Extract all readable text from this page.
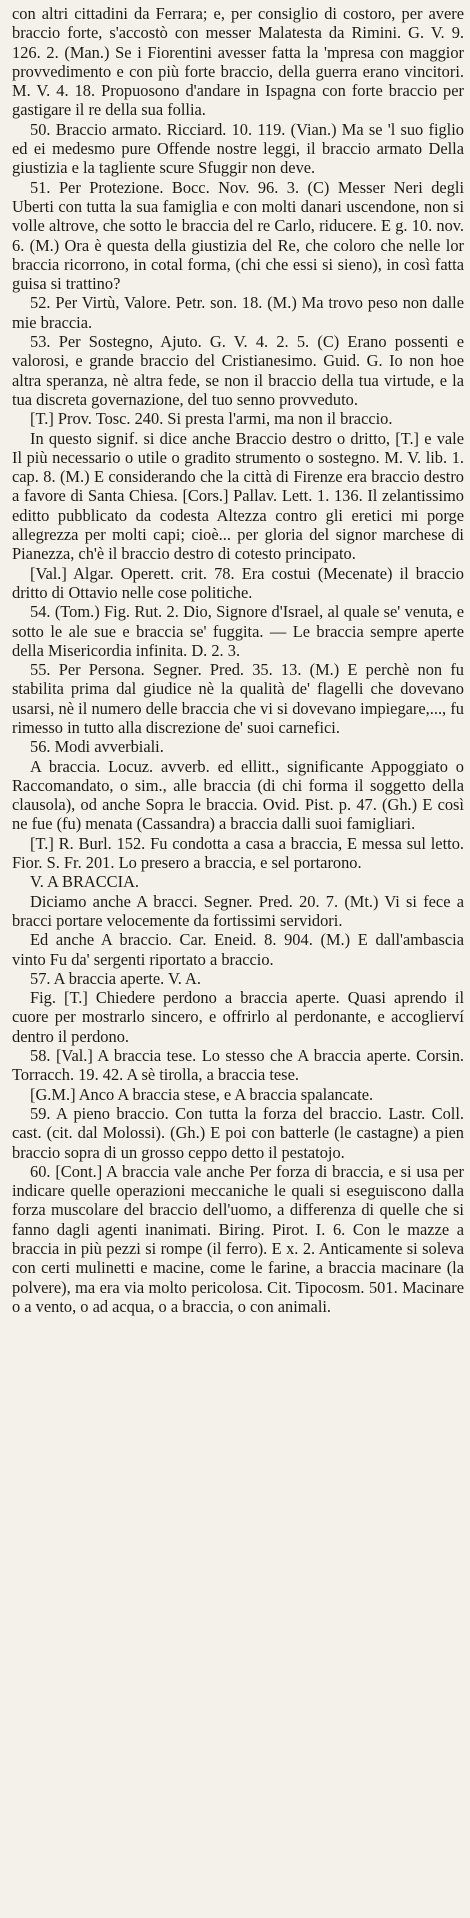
con altri cittadini da Ferrara; e, per consiglio di costoro, per avere braccio forte, s'accostò con messer Malatesta da Rimini. G. V. 9. 126. 2. (Man.) Se i Fiorentini avesser fatta la 'mpresa con maggior provvedimento e con più forte braccio, della guerra erano vincitori. M. V. 4. 18. Propuosono d'andare in Ispagna con forte braccio per gastigare il re della sua follia.

50. Braccio armato. Ricciard. 10. 119. (Vian.) Ma se 'l suo figlio ed ei medesmo pure Offende nostre leggi, il braccio armato Della giustizia e la tagliente scure Sfuggir non deve.

51. Per Protezione. Bocc. Nov. 96. 3. (C) Messer Neri degli Uberti con tutta la sua famiglia e con molti danari uscendone, non si volle altrove, che sotto le braccia del re Carlo, riducere. E g. 10. nov. 6. (M.) Ora è questa della giustizia del Re, che coloro che nelle lor braccia ricorrono, in cotal forma, (chi che essi si sieno), in così fatta guisa si trattino?

52. Per Virtù, Valore. Petr. son. 18. (M.) Ma trovo peso non dalle mie braccia.

53. Per Sostegno, Ajuto. G. V. 4. 2. 5. (C) Erano possenti e valorosi, e grande braccio del Cristianesimo. Guid. G. Io non hoe altra speranza, nè altra fede, se non il braccio della tua virtude, e la tua discreta governazione, del tuo senno provveduto.

[T.] Prov. Tosc. 240. Si presta l'armi, ma non il braccio.

In questo signif. si dice anche Braccio destro o dritto, [T.] e vale Il più necessario o utile o gradito strumento o sostegno. M. V. lib. 1. cap. 8. (M.) E considerando che la città di Firenze era braccio destro a favore di Santa Chiesa. [Cors.] Pallav. Lett. 1. 136. Il zelantissimo editto pubblicato da codesta Altezza contro gli eretici mi porge allegrezza per molti capi; cioè... per gloria del signor marchese di Pianezza, ch'è il braccio destro di cotesto principato.

[Val.] Algar. Operett. crit. 78. Era costui (Mecenate) il braccio dritto di Ottavio nelle cose politiche.

54. (Tom.) Fig. Rut. 2. Dio, Signore d'Israel, al quale se' venuta, e sotto le ale sue e braccia se' fuggita. — Le braccia sempre aperte della Misericordia infinita. D. 2. 3.

55. Per Persona. Segner. Pred. 35. 13. (M.) E perchè non fu stabilita prima dal giudice nè la qualità de' flagelli che dovevano usarsi, nè il numero delle braccia che vi si dovevano impiegare,..., fu rimesso in tutto alla discrezione de' suoi carnefici.

56. Modi avverbiali.

A braccia. Locuz. avverb. ed ellitt., significante Appoggiato o Raccomandato, o sim., alle braccia (di chi forma il soggetto della clausola), od anche Sopra le braccia. Ovid. Pist. p. 47. (Gh.) E così ne fue (fu) menata (Cassandra) a braccia dalli suoi famigliari.

[T.] R. Burl. 152. Fu condotta a casa a braccia, E messa sul letto. Fior. S. Fr. 201. Lo presero a braccia, e sel portarono.

V. A BRACCIA.

Diciamo anche A bracci. Segner. Pred. 20. 7. (Mt.) Vi si fece a bracci portare velocemente da fortissimi servidori.

Ed anche A braccio. Car. Eneid. 8. 904. (M.) E dall'ambascia vinto Fu da' sergenti riportato a braccio.

57. A braccia aperte. V. A.

Fig. [T.] Chiedere perdono a braccia aperte. Quasi aprendo il cuore per mostrarlo sincero, e offrirlo al perdonante, e accoglierví dentro il perdono.

58. [Val.] A braccia tese. Lo stesso che A braccia aperte. Corsin. Torracch. 19. 42. A sè tirolla, a braccia tese.

[G.M.] Anco A braccia stese, e A braccia spalancate.

59. A pieno braccio. Con tutta la forza del braccio. Lastr. Coll. cast. (cit. dal Molossi). (Gh.) E poi con batterle (le castagne) a pien braccio sopra di un grosso ceppo detto il pestatojo.

60. [Cont.] A braccia vale anche Per forza di braccia, e si usa per indicare quelle operazioni meccaniche le quali si eseguiscono dalla forza muscolare del braccio dell'uomo, a differenza di quelle che si fanno dagli agenti inanimati. Biring. Pirot. I. 6. Con le mazze a braccia in più pezzi si rompe (il ferro). E x. 2. Anticamente si soleva con certi mulinetti e macine, come le farine, a braccia macinare (la polvere), ma era via molto pericolosa. Cit. Tipocosm. 501. Macinare o a vento, o ad acqua, o a braccia, o con animali.
